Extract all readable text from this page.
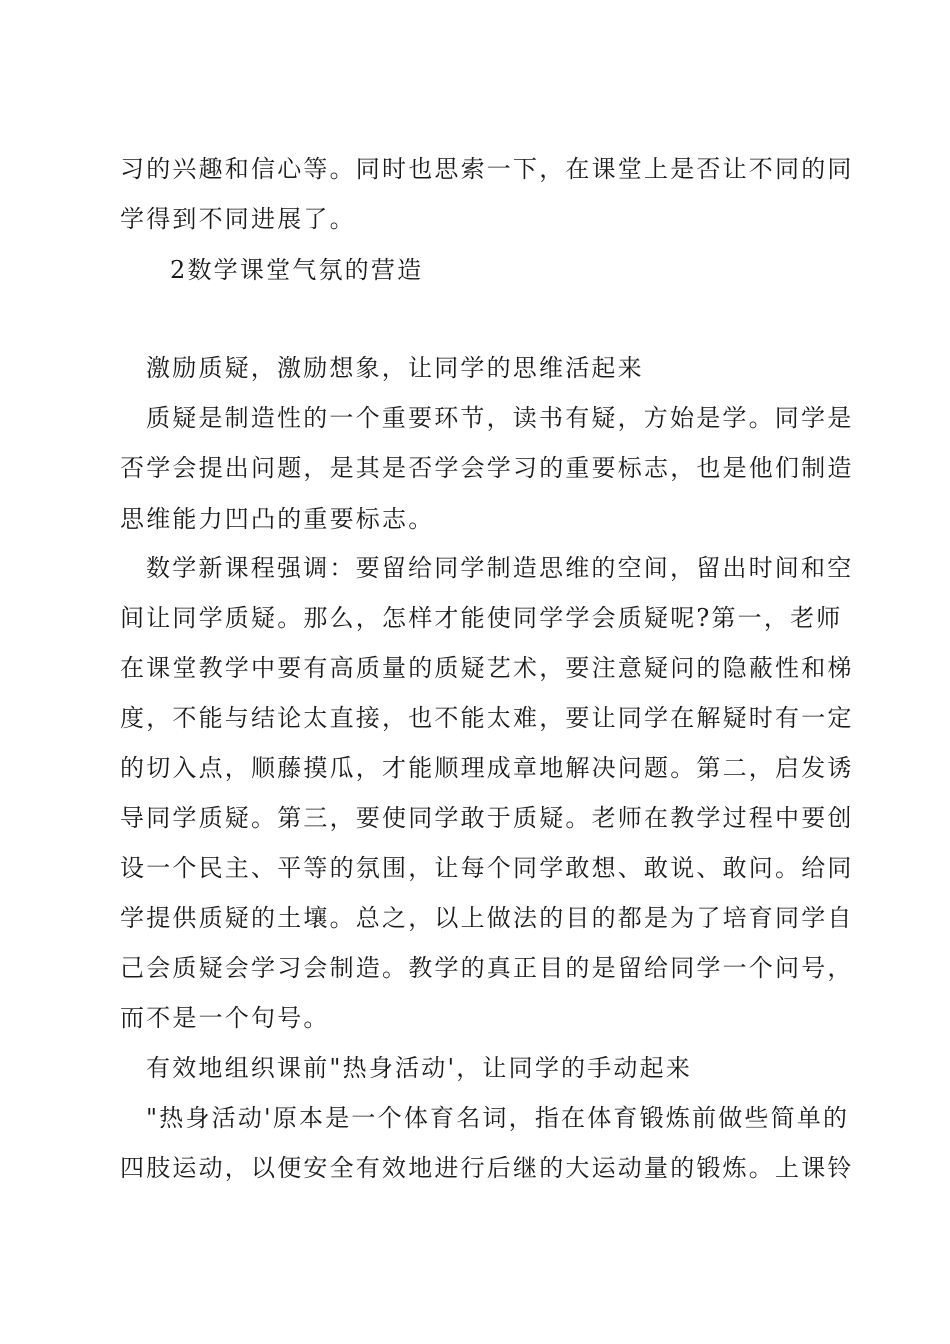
习的兴趣和信心等。同时也思索一下，在课堂上是否让不同的同
学得到不同进展了。
2数学课堂气氛的营造
激励质疑，激励想象，让同学的思维活起来
质疑是制造性的一个重要环节，读书有疑，方始是学。同学是
否学会提出问题，是其是否学会学习的重要标志，也是他们制造
思维能力凹凸的重要标志。
数学新课程强调：要留给同学制造思维的空间，留出时间和空
间让同学质疑。那么，怎样才能使同学学会质疑呢?第一，老师
在课堂教学中要有高质量的质疑艺术，要注意疑问的隐蔽性和梯
度，不能与结论太直接，也不能太难，要让同学在解疑时有一定
的切入点，顺藤摸瓜，才能顺理成章地解决问题。第二，启发诱
导同学质疑。第三，要使同学敢于质疑。老师在教学过程中要创
设一个民主、平等的氛围，让每个同学敢想、敢说、敢问。给同
学提供质疑的土壤。总之，以上做法的目的都是为了培育同学自
己会质疑会学习会制造。教学的真正目的是留给同学一个问号，
而不是一个句号。
有效地组织课前"热身活动'，让同学的手动起来
"热身活动'原本是一个体育名词，指在体育锻炼前做些简单的
四肢运动，以便安全有效地进行后继的大运动量的锻炼。上课铃
